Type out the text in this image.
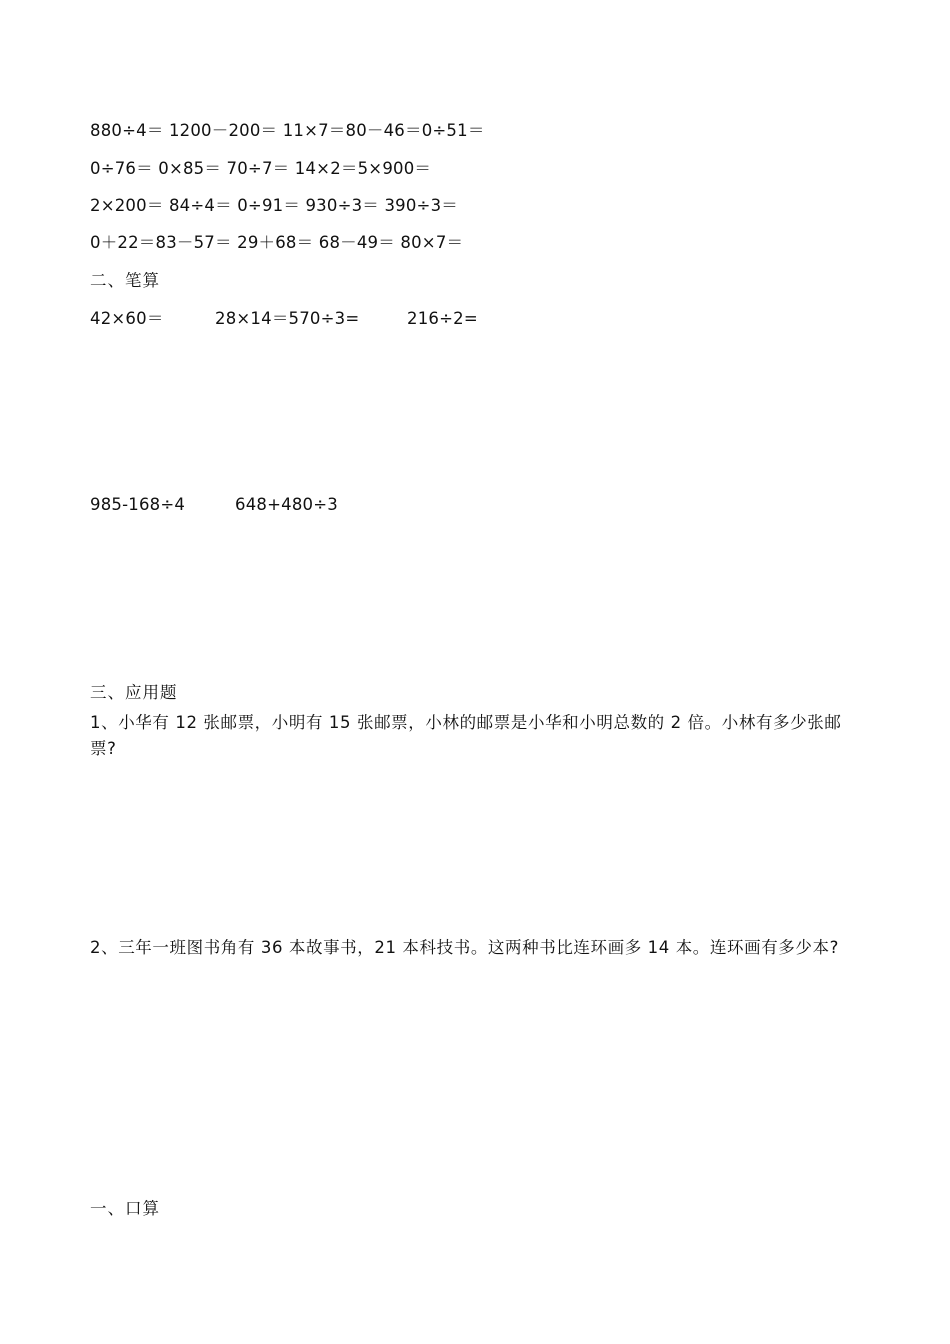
880÷4＝ 1200－200＝ 11×7＝80－46＝0÷51＝
0÷76＝ 0×85＝ 70÷7＝ 14×2＝5×900＝
2×200＝ 84÷4＝ 0÷91＝ 930÷3＝ 390÷3＝
0＋22＝83－57＝ 29＋68＝ 68－49＝ 80×7＝
二、笔算
42×60＝	28×14＝570÷3=	216÷2=
985-168÷4	648+480÷3
三、应用题
1、小华有 12 张邮票，小明有 15 张邮票，小林的邮票是小华和小明总数的 2 倍。小林有多少张邮票?
2、三年一班图书角有 36 本故事书，21 本科技书。这两种书比连环画多 14 本。连环画有多少本?
一、口算
